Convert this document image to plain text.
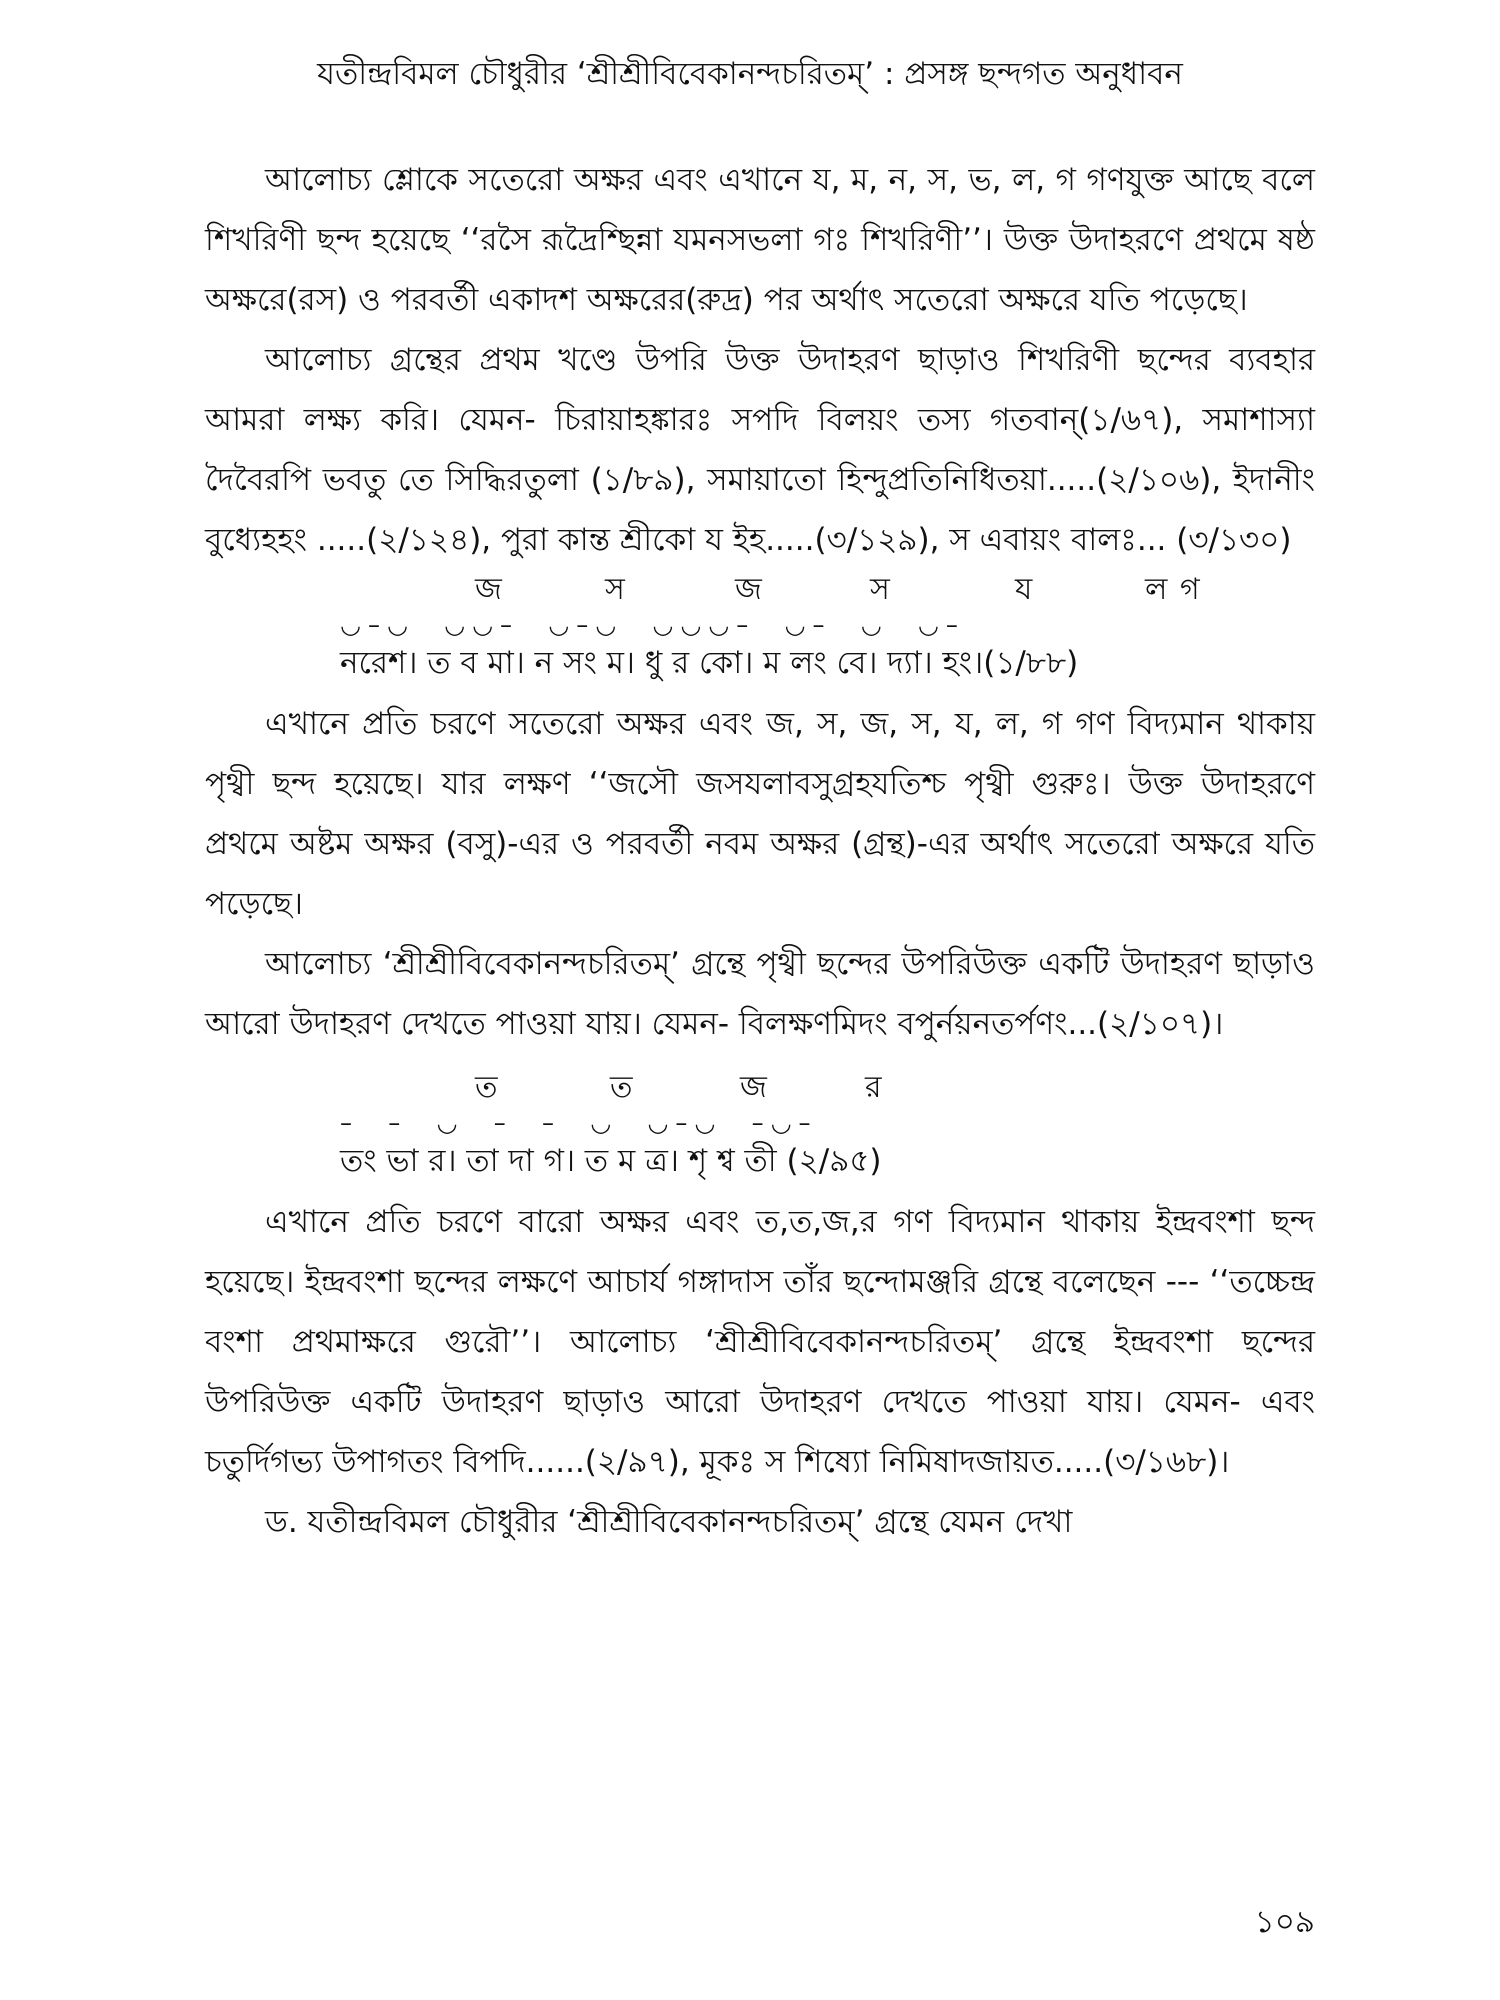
যতীন্দ্রবিমল চৌধুরীর ‘শ্রীশ্রীবিবেকানন্দচরিতম্’ : প্রসঙ্গ ছন্দগত অনুধাবন

আলোচ্য শ্লোকে সতেরো অক্ষর এবং এখানে য, ম, ন, স, ভ, ল, গ গণযুক্ত আছে বলে শিখরিণী ছন্দ হয়েছে ‘‘রসৈ রূদ্রৈশ্ছিন্না যমনসভলা গঃ শিখরিণী’’। উক্ত উদাহরণে প্রথমে ষষ্ঠ অক্ষরে(রস) ও পরবর্তী একাদশ অক্ষরের(রুদ্র) পর অর্থাৎ সতেরো অক্ষরে যতি পড়েছে।

আলোচ্য গ্রন্থের প্রথম খণ্ডে উপরি উক্ত উদাহরণ ছাড়াও শিখরিণী ছন্দের ব্যবহার আমরা লক্ষ্য করি। যেমন- চিরায়াহঙ্কারঃ সপদি বিলয়ং তস্য গতবান্(১/৬৭), সমাশাস্যা দৈবৈরপি ভবতু তে সিদ্ধিরতুলা (১/৮৯), সমায়াতো হিন্দুপ্রতিনিধিতয়া.....(২/১০৬), ইদানীং বুধ্যেহহং .....(২/১২৪), পুরা কান্ত শ্রীকো য ইহ.....(৩/১২৯), স এবায়ং বালঃ... (৩/১৩০)

জ	স	জ	স	য	ল গ
◡–◡  ◡◡–  ◡–◡  ◡◡◡–  ◡–  ◡  ◡–
নরেশ। ত ব মা। ন সং ম। ধু র কো। ম লং বে। দ্যা। হং।(১/৮৮)

এখানে প্রতি চরণে সতেরো অক্ষর এবং জ, স, জ, স, য, ল, গ গণ বিদ্যমান থাকায় পৃথ্বী ছন্দ হয়েছে। যার লক্ষণ ‘‘জসৌ জসযলাবসুগ্রহযতিশ্চ পৃথ্বী গুরুঃ। উক্ত উদাহরণে প্রথমে অষ্টম অক্ষর (বসু)-এর ও পরবর্তী নবম অক্ষর (গ্রন্থ)-এর অর্থাৎ সতেরো অক্ষরে যতি পড়েছে।

আলোচ্য ‘শ্রীশ্রীবিবেকানন্দচরিতম্’ গ্রন্থে পৃথ্বী ছন্দের উপরিউক্ত একটি উদাহরণ ছাড়াও আরো উদাহরণ দেখতে পাওয়া যায়। যেমন- বিলক্ষণমিদং বপুর্নয়নতর্পণং...(২/১০৭)।

ত	ত	জ	র
–  –  ◡  –  –  ◡  ◡–◡  –◡–
তং ভা র। তা দা গ। ত ম ত্র। শৃ শ্ব তী (২/৯৫)

এখানে প্রতি চরণে বারো অক্ষর এবং ত,ত,জ,র গণ বিদ্যমান থাকায় ইন্দ্রবংশা ছন্দ হয়েছে। ইন্দ্রবংশা ছন্দের লক্ষণে আচার্য গঙ্গাদাস তাঁর ছন্দোমঞ্জরি গ্রন্থে বলেছেন --- ‘‘তচ্চেন্দ্র বংশা প্রথমাক্ষরে গুরৌ’’। আলোচ্য ‘শ্রীশ্রীবিবেকানন্দচরিতম্’ গ্রন্থে ইন্দ্রবংশা ছন্দের উপরিউক্ত একটি উদাহরণ ছাড়াও আরো উদাহরণ দেখতে পাওয়া যায়। যেমন- এবং চতুর্দিগভ্য উপাগতং বিপদি......(২/৯৭), মূকঃ স শিষ্যো নিমিষাদজায়ত.....(৩/১৬৮)।

ড. যতীন্দ্রবিমল চৌধুরীর ‘শ্রীশ্রীবিবেকানন্দচরিতম্’ গ্রন্থে যেমন দেখা

১০৯
